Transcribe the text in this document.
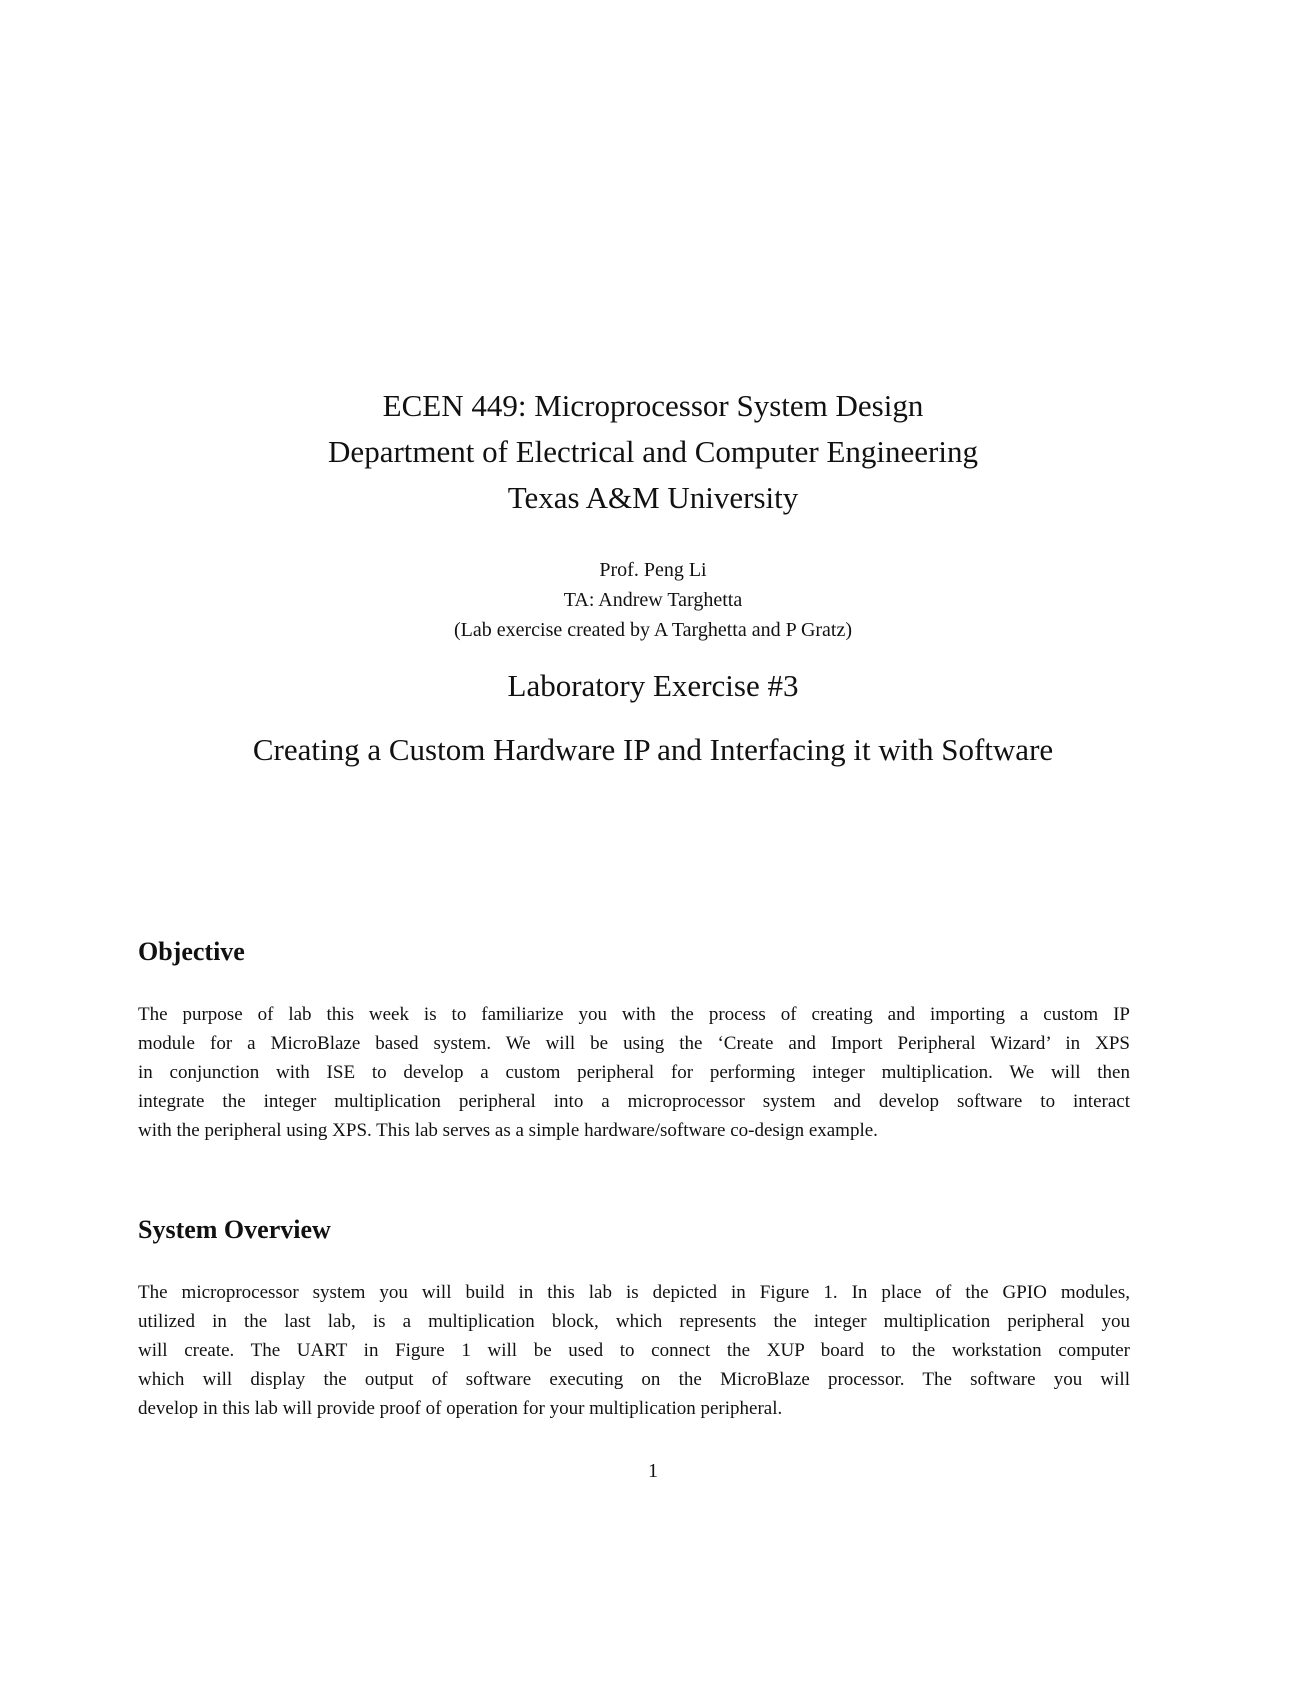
ECEN 449: Microprocessor System Design
Department of Electrical and Computer Engineering
Texas A&M University
Prof. Peng Li
TA: Andrew Targhetta
(Lab exercise created by A Targhetta and P Gratz)
Laboratory Exercise #3
Creating a Custom Hardware IP and Interfacing it with Software
Objective
The purpose of lab this week is to familiarize you with the process of creating and importing a custom IP
module for a MicroBlaze based system. We will be using the ‘Create and Import Peripheral Wizard’ in XPS
in conjunction with ISE to develop a custom peripheral for performing integer multiplication. We will then
integrate the integer multiplication peripheral into a microprocessor system and develop software to interact
with the peripheral using XPS. This lab serves as a simple hardware/software co-design example.
System Overview
The microprocessor system you will build in this lab is depicted in Figure 1. In place of the GPIO modules,
utilized in the last lab, is a multiplication block, which represents the integer multiplication peripheral you
will create. The UART in Figure 1 will be used to connect the XUP board to the workstation computer
which will display the output of software executing on the MicroBlaze processor. The software you will
develop in this lab will provide proof of operation for your multiplication peripheral.
1
